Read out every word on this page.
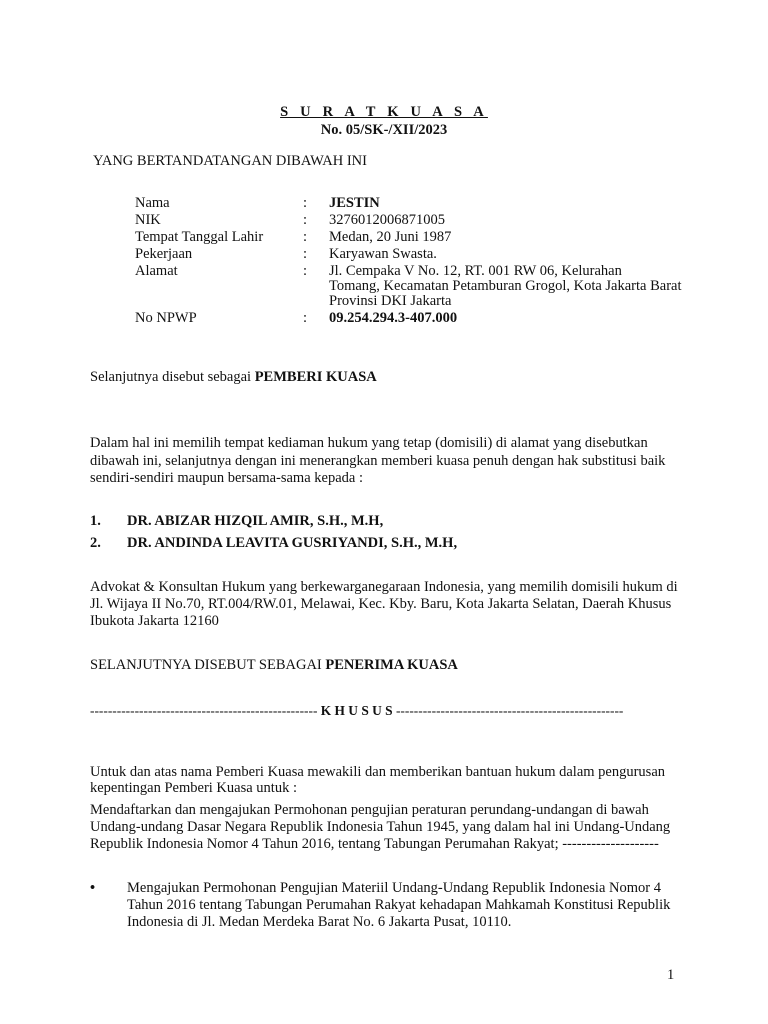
S U R A T K U A S A
No. 05/SK-/XII/2023
YANG BERTANDATANGAN DIBAWAH INI
Nama	: JESTIN
NIK	: 3276012006871005
Tempat Tanggal Lahir	: Medan, 20 Juni 1987
Pekerjaan	: Karyawan Swasta.
Alamat	: Jl. Cempaka V No. 12, RT. 001 RW 06, Kelurahan
Tomang, Kecamatan Petamburan Grogol, Kota Jakarta Barat
Provinsi DKI Jakarta
No NPWP	: 09.254.294.3-407.000
Selanjutnya disebut sebagai PEMBERI KUASA
Dalam hal ini memilih tempat kediaman hukum yang tetap (domisili) di alamat yang disebutkan
dibawah ini, selanjutnya dengan ini menerangkan memberi kuasa penuh dengan hak substitusi baik
sendiri-sendiri maupun bersama-sama kepada :
1. DR. ABIZAR HIZQIL AMIR, S.H., M.H,
2. DR. ANDINDA LEAVITA GUSRIYANDI, S.H., M.H,
Advokat & Konsultan Hukum yang berkewarganegaraan Indonesia, yang memilih domisili hukum di
Jl. Wijaya II No.70, RT.004/RW.01, Melawai, Kec. Kby. Baru, Kota Jakarta Selatan, Daerah Khusus
Ibukota Jakarta 12160
SELANJUTNYA DISEBUT SEBAGAI PENERIMA KUASA
--------------------------------------------------- K H U S U S ---------------------------------------------------
Untuk dan atas nama Pemberi Kuasa mewakili dan memberikan bantuan hukum dalam pengurusan
kepentingan Pemberi Kuasa untuk :
Mendaftarkan dan mengajukan Permohonan pengujian peraturan perundang-undangan di bawah
Undang-undang Dasar Negara Republik Indonesia Tahun 1945, yang dalam hal ini Undang-Undang
Republik Indonesia Nomor 4 Tahun 2016, tentang Tabungan Perumahan Rakyat; --------------------
• Mengajukan Permohonan Pengujian Materiil Undang-Undang Republik Indonesia Nomor 4
Tahun 2016 tentang Tabungan Perumahan Rakyat kehadapan Mahkamah Konstitusi Republik
Indonesia di Jl. Medan Merdeka Barat No. 6 Jakarta Pusat, 10110.
1
